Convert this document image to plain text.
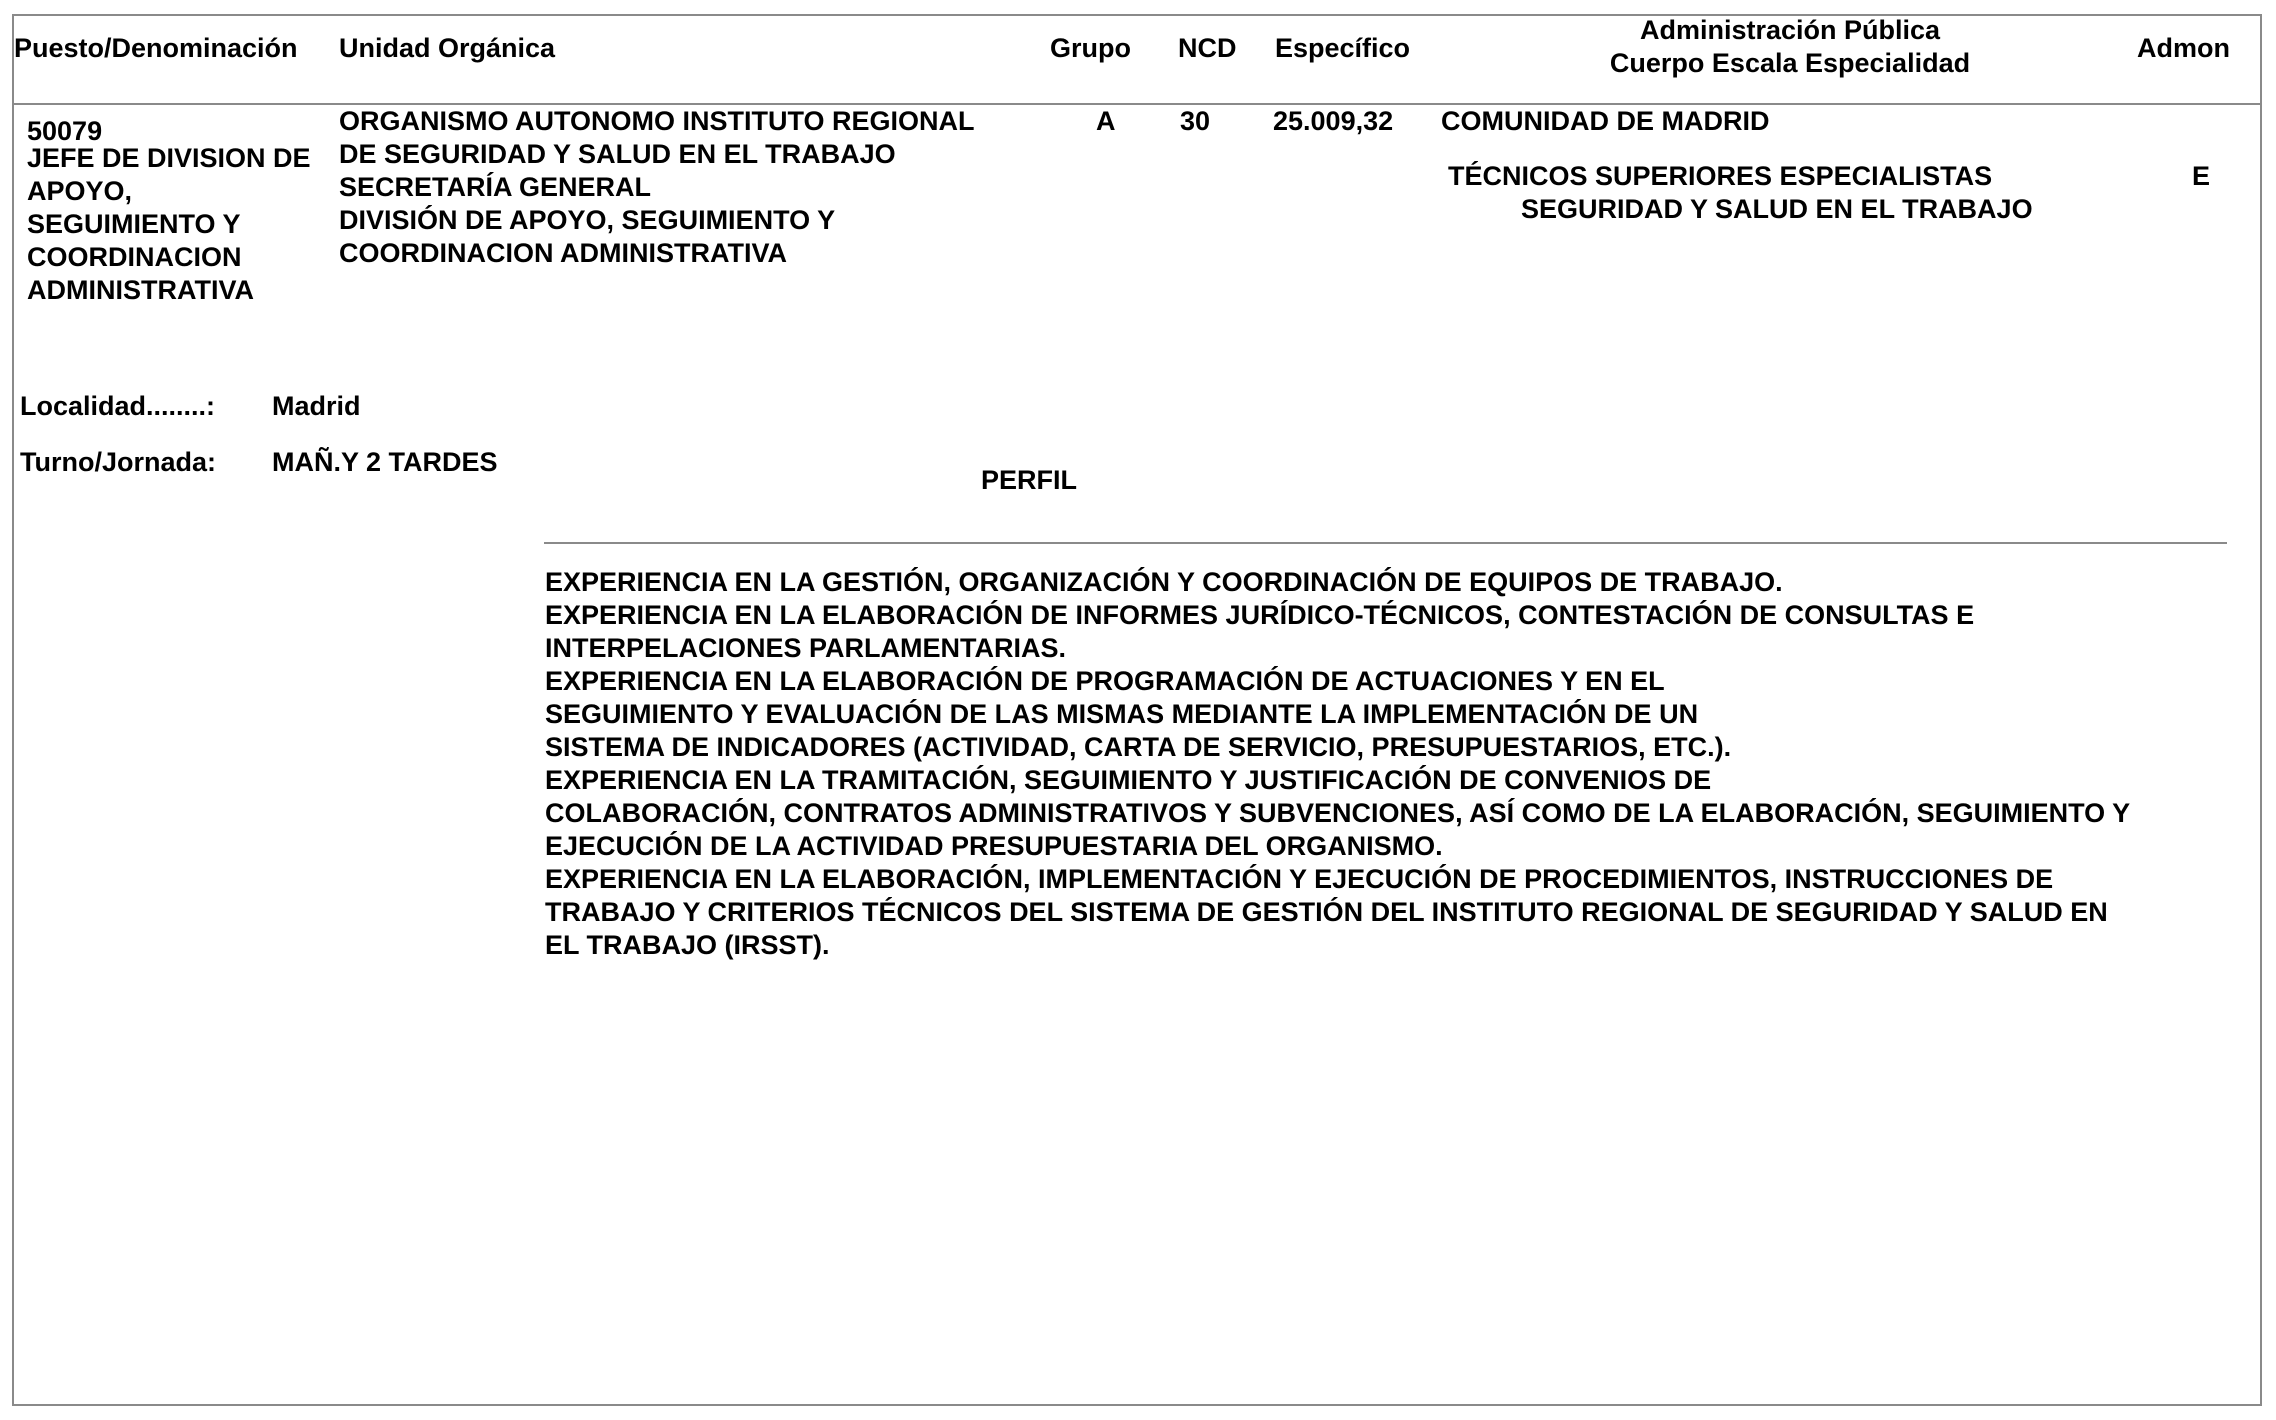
Puesto/Denominación Unidad Orgánica	Grupo NCD Específico
Administración Pública
Cuerpo Escala Especialidad	Admon
50079
JEFE DE DIVISION DE
APOYO,
SEGUIMIENTO Y
COORDINACION
ADMINISTRATIVA
ORGANISMO AUTONOMO INSTITUTO REGIONAL
DE SEGURIDAD Y SALUD EN EL TRABAJO
SECRETARÍA GENERAL
DIVISIÓN DE APOYO, SEGUIMIENTO Y
COORDINACION ADMINISTRATIVA
A 30 25.009,32 COMUNIDAD DE MADRID
TÉCNICOS SUPERIORES ESPECIALISTAS
SEGURIDAD Y SALUD EN EL TRABAJO
E
Localidad........: Madrid
Turno/Jornada: MAÑ.Y 2 TARDES
PERFIL
EXPERIENCIA EN LA GESTIÓN, ORGANIZACIÓN Y COORDINACIÓN DE EQUIPOS DE TRABAJO.
EXPERIENCIA EN LA ELABORACIÓN DE INFORMES JURÍDICO-TÉCNICOS, CONTESTACIÓN DE CONSULTAS E
INTERPELACIONES PARLAMENTARIAS.
EXPERIENCIA EN LA ELABORACIÓN DE PROGRAMACIÓN DE ACTUACIONES Y EN EL
SEGUIMIENTO Y EVALUACIÓN DE LAS MISMAS MEDIANTE LA IMPLEMENTACIÓN DE UN
SISTEMA DE INDICADORES (ACTIVIDAD, CARTA DE SERVICIO, PRESUPUESTARIOS, ETC.).
EXPERIENCIA EN LA TRAMITACIÓN, SEGUIMIENTO Y JUSTIFICACIÓN DE CONVENIOS DE
COLABORACIÓN, CONTRATOS ADMINISTRATIVOS Y SUBVENCIONES, ASÍ COMO DE LA ELABORACIÓN, SEGUIMIENTO Y
EJECUCIÓN DE LA ACTIVIDAD PRESUPUESTARIA DEL ORGANISMO.
EXPERIENCIA EN LA ELABORACIÓN, IMPLEMENTACIÓN Y EJECUCIÓN DE PROCEDIMIENTOS, INSTRUCCIONES DE
TRABAJO Y CRITERIOS TÉCNICOS DEL SISTEMA DE GESTIÓN DEL INSTITUTO REGIONAL DE SEGURIDAD Y SALUD EN
EL TRABAJO (IRSST).
